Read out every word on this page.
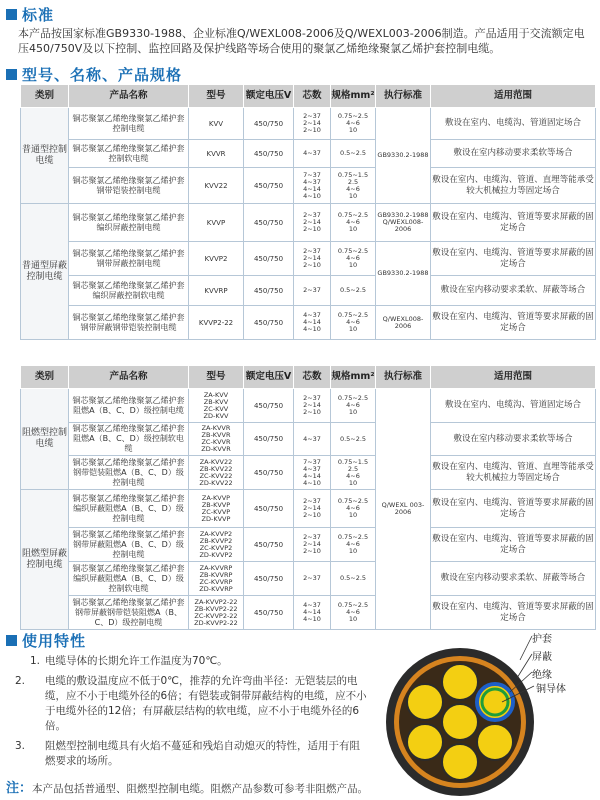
标准
本产品按国家标准GB9330-1988、企业标准Q/WEXL008-2006及Q/WEXL003-2006制造。产品适用于交流额定电压450/750V及以下控制、监控回路及保护线路等场合使用的聚氯乙烯绝缘聚氯乙烯护套控制电缆。
型号、名称、产品规格
类别	产品名称	型号	额定电压V	芯数	规格mm²	执行标准	适用范围
普通型控制电缆	铜芯聚氯乙烯绝缘聚氯乙烯护套控制电缆	KVV	450/750	2~37
2~14
2~10	0.75~2.5
4~6
10	GB9330.2-1988	敷设在室内、电缆沟、管道固定场合
	铜芯聚氯乙烯绝缘聚氯乙烯护套控制软电缆	KVVR	450/750	4~37	0.5~2.5		敷设在室内移动要求柔软等场合
	铜芯聚氯乙烯绝缘聚氯乙烯护套钢带铠装控制电缆	KVV22	450/750	7~37
4~37
4~14
4~10	0.75~1.5
2.5
4~6
10		敷设在室内、电缆沟、管道、直埋等能承受较大机械拉力等固定场合
普通型屏蔽控制电缆	铜芯聚氯乙烯绝缘聚氯乙烯护套编织屏蔽控制电缆	KVVP	450/750	2~37
2~14
2~10	0.75~2.5
4~6
10	GB9330.2-1988
Q/WEXL008-2006	敷设在室内、电缆沟、管道等要求屏蔽的固定场合
	铜芯聚氯乙烯绝缘聚氯乙烯护套钢带屏蔽控制电缆	KVVP2	450/750	2~37
2~14
2~10	0.75~2.5
4~6
10	GB9330.2-1988	敷设在室内、电缆沟、管道等要求屏蔽的固定场合
	铜芯聚氯乙烯绝缘聚氯乙烯护套编织屏蔽控制软电缆	KVVRP	450/750	2~37	0.5~2.5		敷设在室内移动要求柔软、屏蔽等场合
	铜芯聚氯乙烯绝缘聚氯乙烯护套钢带屏蔽钢带铠装控制电缆	KVVP2-22	450/750	4~37
4~14
4~10	0.75~2.5
4~6
10	Q/WEXL008-2006	敷设在室内、电缆沟、管道等要求屏蔽的固定场合
类别	产品名称	型号	额定电压V	芯数	规格mm²	执行标准	适用范围
阻燃型控制电缆	铜芯聚氯乙烯绝缘聚氯乙烯护套阻燃A（B、C、D）级控制电缆	ZA-KVV
ZB-KVV
ZC-KVV
ZD-KVV	450/750	2~37
2~14
2~10	0.75~2.5
4~6
10	Q/WEXL 003-2006	敷设在室内、电缆沟、管道固定场合
	铜芯聚氯乙烯绝缘聚氯乙烯护套阻燃A（B、C、D）级控制软电缆	ZA-KVVR
ZB-KVVR
ZC-KVVR
ZD-KVVR	450/750	4~37	0.5~2.5		敷设在室内移动要求柔软等场合
	铜芯聚氯乙烯绝缘聚氯乙烯护套钢带铠装阻燃A（B、C、D）级控制电缆	ZA-KVV22
ZB-KVV22
ZC-KVV22
ZD-KVV22	450/750	7~37
4~37
4~14
4~10	0.75~1.5
2.5
4~6
10		敷设在室内、电缆沟、管道、直埋等能承受较大机械拉力等固定场合
阻燃型屏蔽控制电缆	铜芯聚氯乙烯绝缘聚氯乙烯护套编织屏蔽阻燃A（B、C、D）级控制电缆	ZA-KVVP
ZB-KVVP
ZC-KVVP
ZD-KVVP	450/750	2~37
2~14
2~10	0.75~2.5
4~6
10		敷设在室内、电缆沟、管道等要求屏蔽的固定场合
	铜芯聚氯乙烯绝缘聚氯乙烯护套钢带屏蔽阻燃A（B、C、D）级控制电缆	ZA-KVVP2
ZB-KVVP2
ZC-KVVP2
ZD-KVVP2	450/750	2~37
2~14
2~10	0.75~2.5
4~6
10		敷设在室内、电缆沟、管道等要求屏蔽的固定场合
	铜芯聚氯乙烯绝缘聚氯乙烯护套编织屏蔽阻燃A（B、C、D）级控制软电缆	ZA-KVVRP
ZB-KVVRP
ZC-KVVRP
ZD-KVVRP	450/750	2~37	0.5~2.5		敷设在室内移动要求柔软、屏蔽等场合
	铜芯聚氯乙烯绝缘聚氯乙烯护套钢带屏蔽钢带铠装阻燃A（B、C、D）级控制电缆	ZA-KVVP2-22
ZB-KVVP2-22
ZC-KVVP2-22
ZD-KVVP2-22	450/750	4~37
4~14
4~10	0.75~2.5
4~6
10		敷设在室内、电缆沟、管道等要求屏蔽的固定场合
使用特性
1. 电缆导体的长期允许工作温度为70℃。
2. 电缆的敷设温度应不低于0℃，推荐的允许弯曲半径：无铠装层的电缆，应不小于电缆外径的6倍；有铠装或铜带屏蔽结构的电缆，应不小于电缆外径的12倍；有屏蔽层结构的软电缆，应不小于电缆外径的6倍。
3. 阻燃型控制电缆具有火焰不蔓延和残焰自动熄灭的特性，适用于有阻燃要求的场所。
护套
屏蔽
绝缘
铜导体
注：本产品包括普通型、阻燃型控制电缆。阻燃产品参数可参考非阻燃产品。
